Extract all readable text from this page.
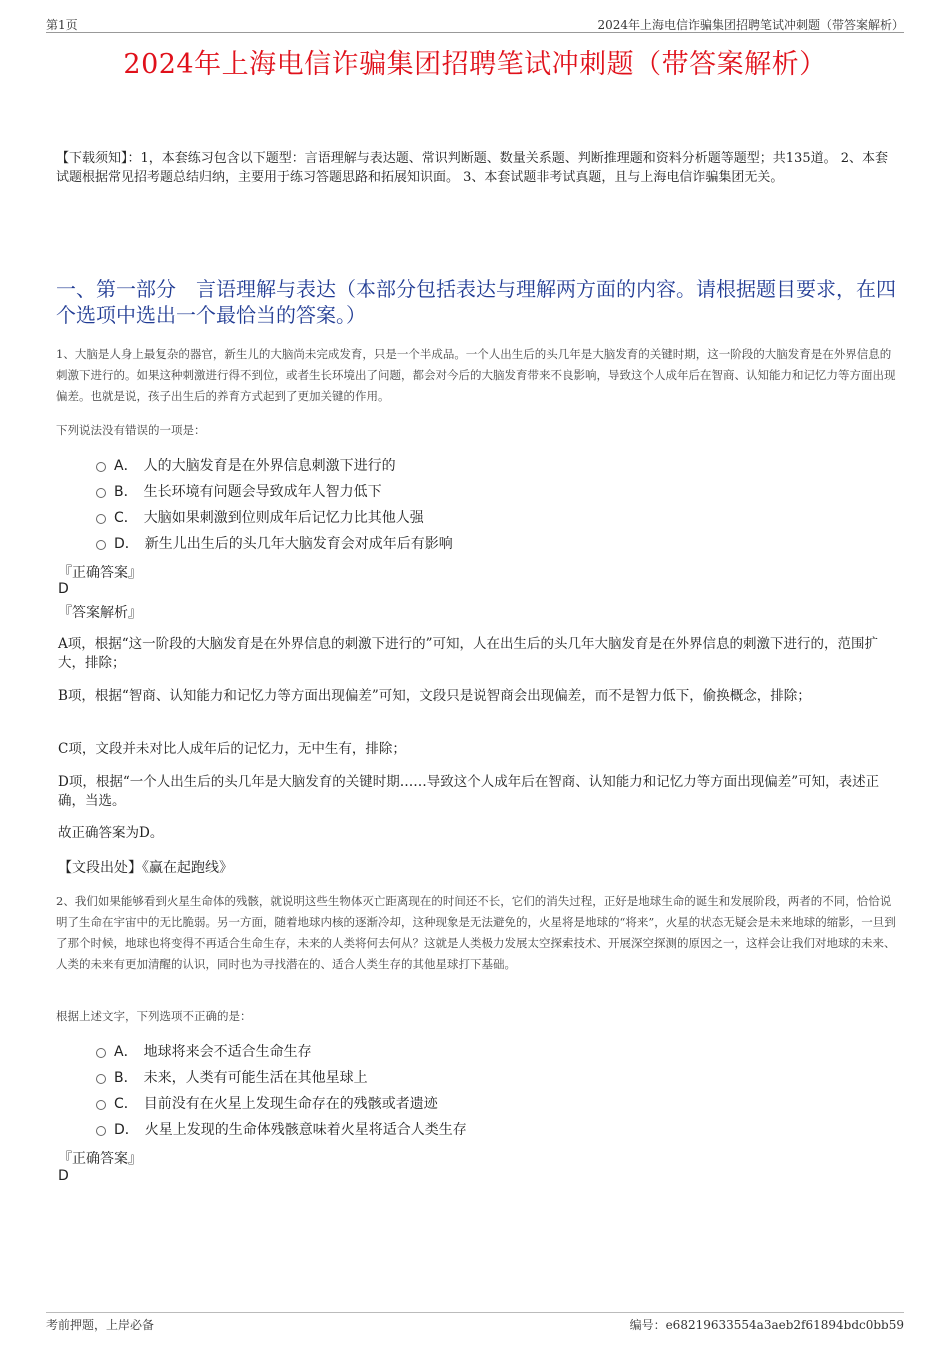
第1页	2024年上海电信诈骗集团招聘笔试冲刺题（带答案解析）
2024年上海电信诈骗集团招聘笔试冲刺题（带答案解析）
【下载须知】：1，本套练习包含以下题型：言语理解与表达题、常识判断题、数量关系题、判断推理题和资料分析题等题型；共135道。 2、本套试题根据常见招考题总结归纳，主要用于练习答题思路和拓展知识面。 3、本套试题非考试真题，且与上海电信诈骗集团无关。
一、第一部分　言语理解与表达（本部分包括表达与理解两方面的内容。请根据题目要求，在四个选项中选出一个最恰当的答案。）
1、大脑是人身上最复杂的器官，新生儿的大脑尚未完成发育，只是一个半成品。一个人出生后的头几年是大脑发育的关键时期，这一阶段的大脑发育是在外界信息的刺激下进行的。如果这种刺激进行得不到位，或者生长环境出了问题，都会对今后的大脑发育带来不良影响，导致这个人成年后在智商、认知能力和记忆力等方面出现偏差。也就是说，孩子出生后的养育方式起到了更加关键的作用。
下列说法没有错误的一项是：
A． 人的大脑发育是在外界信息刺激下进行的
B． 生长环境有问题会导致成年人智力低下
C． 大脑如果刺激到位则成年后记忆力比其他人强
D． 新生儿出生后的头几年大脑发育会对成年后有影响
『正确答案』
D
『答案解析』
A项，根据“这一阶段的大脑发育是在外界信息的刺激下进行的”可知，人在出生后的头几年大脑发育是在外界信息的刺激下进行的，范围扩大，排除；
B项，根据“智商、认知能力和记忆力等方面出现偏差”可知，文段只是说智商会出现偏差，而不是智力低下，偷换概念，排除；
C项，文段并未对比人成年后的记忆力，无中生有，排除；
D项，根据“一个人出生后的头几年是大脑发育的关键时期……导致这个人成年后在智商、认知能力和记忆力等方面出现偏差”可知，表述正确，当选。
故正确答案为D。
【文段出处】《赢在起跑线》
2、我们如果能够看到火星生命体的残骸，就说明这些生物体灭亡距离现在的时间还不长，它们的消失过程，正好是地球生命的诞生和发展阶段，两者的不同，恰恰说明了生命在宇宙中的无比脆弱。另一方面，随着地球内核的逐渐冷却，这种现象是无法避免的，火星将是地球的“将来”，火星的状态无疑会是未来地球的缩影，一旦到了那个时候，地球也将变得不再适合生命生存，未来的人类将何去何从？这就是人类极力发展太空探索技术、开展深空探测的原因之一，这样会让我们对地球的未来、人类的未来有更加清醒的认识，同时也为寻找潜在的、适合人类生存的其他星球打下基础。
根据上述文字，下列选项不正确的是：
A． 地球将来会不适合生命生存
B． 未来，人类有可能生活在其他星球上
C． 目前没有在火星上发现生命存在的残骸或者遗迹
D． 火星上发现的生命体残骸意味着火星将适合人类生存
『正确答案』
D
考前押题，上岸必备	编号：e68219633554a3aeb2f61894bdc0bb59
